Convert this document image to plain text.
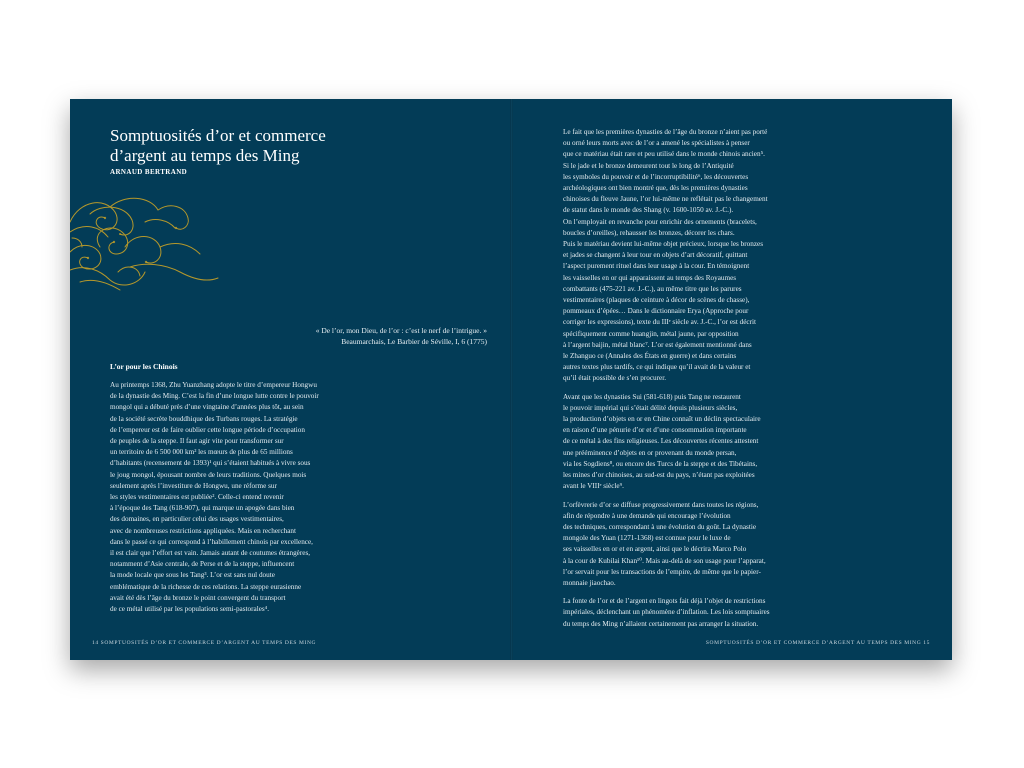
Somptuosités d’or et commerce
d’argent au temps des Ming
ARNAUD BERTRAND
« De l’or, mon Dieu, de l’or : c’est le nerf de l’intrigue. »
Beaumarchais, Le Barbier de Séville, I, 6 (1775)
L’or pour les Chinois

Au printemps 1368, Zhu Yuanzhang adopte le titre d’empereur Hongwu
de la dynastie des Ming. C’est la fin d’une longue lutte contre le pouvoir
mongol qui a débuté près d’une vingtaine d’années plus tôt, au sein
de la société secrète bouddhique des Turbans rouges. La stratégie
de l’empereur est de faire oublier cette longue période d’occupation
de peuples de la steppe. Il faut agir vite pour transformer sur
un territoire de 6 500 000 km² les mœurs de plus de 65 millions
d’habitants (recensement de 1393)¹ qui s’étaient habitués à vivre sous
le joug mongol, épousant nombre de leurs traditions. Quelques mois
seulement après l’investiture de Hongwu, une réforme sur
les styles vestimentaires est publiée². Celle-ci entend revenir
à l’époque des Tang (618-907), qui marque un apogée dans bien
des domaines, en particulier celui des usages vestimentaires,
avec de nombreuses restrictions appliquées. Mais en recherchant
dans le passé ce qui correspond à l’habillement chinois par excellence,
il est clair que l’effort est vain. Jamais autant de coutumes étrangères,
notamment d’Asie centrale, de Perse et de la steppe, influencent
la mode locale que sous les Tang³. L’or est sans nul doute
emblématique de la richesse de ces relations. La steppe eurasienne
avait été dès l’âge du bronze le point convergent du transport
de ce métal utilisé par les populations semi-pastorales⁴.

14 SOMPTUOSITÉS D’OR ET COMMERCE D’ARGENT AU TEMPS DES MING

Le fait que les premières dynasties de l’âge du bronze n’aient pas porté
ou orné leurs morts avec de l’or a amené les spécialistes à penser
que ce matériau était rare et peu utilisé dans le monde chinois ancien⁵.
Si le jade et le bronze demeurent tout le long de l’Antiquité
les symboles du pouvoir et de l’incorruptibilité⁶, les découvertes
archéologiques ont bien montré que, dès les premières dynasties
chinoises du fleuve Jaune, l’or lui-même ne reflétait pas le changement
de statut dans le monde des Shang (v. 1600-1050 av. J.-C.).
On l’employait en revanche pour enrichir des ornements (bracelets,
boucles d’oreilles), rehausser les bronzes, décorer les chars.
Puis le matériau devient lui-même objet précieux, lorsque les bronzes
et jades se changent à leur tour en objets d’art décoratif, quittant
l’aspect purement rituel dans leur usage à la cour. En témoignent
les vaisselles en or qui apparaissent au temps des Royaumes
combattants (475-221 av. J.-C.), au même titre que les parures
vestimentaires (plaques de ceinture à décor de scènes de chasse),
pommeaux d’épées… Dans le dictionnaire Erya (Approche pour
corriger les expressions), texte du IIIᵉ siècle av. J.-C., l’or est décrit
spécifiquement comme huangjin, métal jaune, par opposition
à l’argent baijin, métal blanc⁷. L’or est également mentionné dans
le Zhanguo ce (Annales des États en guerre) et dans certains
autres textes plus tardifs, ce qui indique qu’il avait de la valeur et
qu’il était possible de s’en procurer.

Avant que les dynasties Sui (581-618) puis Tang ne restaurent
le pouvoir impérial qui s’était délité depuis plusieurs siècles,
la production d’objets en or en Chine connaît un déclin spectaculaire
en raison d’une pénurie d’or et d’une consommation importante
de ce métal à des fins religieuses. Les découvertes récentes attestent
une prééminence d’objets en or provenant du monde persan,
via les Sogdiens⁸, ou encore des Turcs de la steppe et des Tibétains,
les mines d’or chinoises, au sud-est du pays, n’étant pas exploitées
avant le VIIIᵉ siècle⁹.

L’orfèvrerie d’or se diffuse progressivement dans toutes les régions,
afin de répondre à une demande qui encourage l’évolution
des techniques, correspondant à une évolution du goût. La dynastie
mongole des Yuan (1271-1368) est connue pour le luxe de
ses vaisselles en or et en argent, ainsi que le décrira Marco Polo
à la cour de Kubilai Khan¹⁰. Mais au-delà de son usage pour l’apparat,
l’or servait pour les transactions de l’empire, de même que le papier-
monnaie jiaochao.

La fonte de l’or et de l’argent en lingots fait déjà l’objet de restrictions
impériales, déclenchant un phénomène d’inflation. Les lois somptuaires
du temps des Ming n’allaient certainement pas arranger la situation.

SOMPTUOSITÉS D’OR ET COMMERCE D’ARGENT AU TEMPS DES MING 15
